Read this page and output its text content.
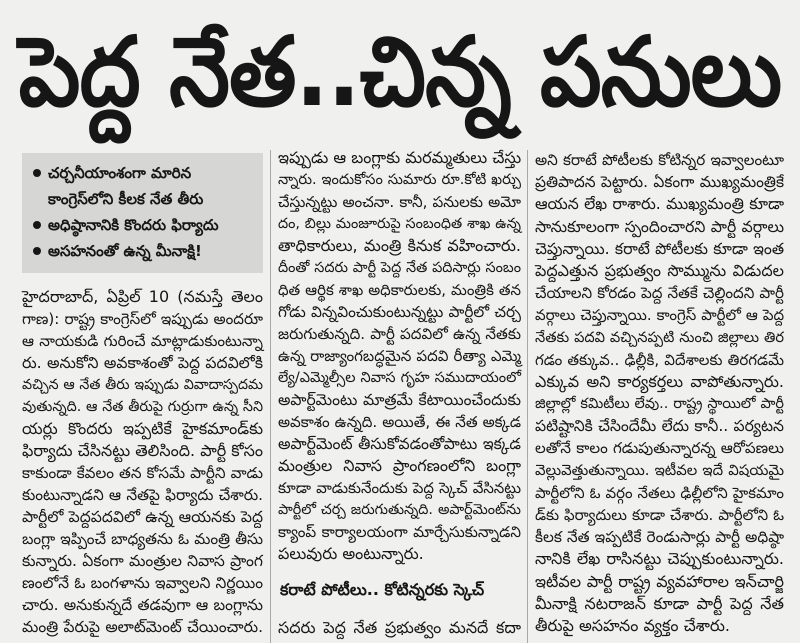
పెద్ద నేత..చిన్న పనులు
చర్చనీయాంశంగా మారిన
కాంగ్రెస్‌లోని కీలక నేత తీరు
అధిష్ఠానానికి కొందరు ఫిర్యాదు
అసహనంతో ఉన్న మీనాక్షి!
హైదరాబాద్, ఏప్రిల్ 10 (నమస్తే తెలం
గాణ): రాష్ట్ర కాంగ్రెస్‌లో ఇప్పుడు అందరూ
ఆ నాయకుడి గురించే మాట్లాడుకుంటున్నా
రు. అనుకోని అవకాశంతో పెద్ద పదవిలోకి
వచ్చిన ఆ నేత తీరు ఇప్పుడు వివాదాస్పదమ
వుతున్నది. ఆ నేత తీరుపై గుర్రుగా ఉన్న సీని
యర్లు కొందరు ఇప్పటికే హైకమాండ్‌కు
ఫిర్యాదు చేసినట్టు తెలిసింది. పార్టీ కోసం
కాకుండా కేవలం తన కోసమే పార్టీని వాడు
కుంటున్నాడని ఆ నేతపై ఫిర్యాదు చేశారు.
పార్టీలో పెద్దపదవిలో ఉన్న ఆయనకు పెద్ద
బంగ్లా ఇప్పించే బాధ్యతను ఓ మంత్రి తీసు
కున్నారు. ఏకంగా మంత్రుల నివాస ప్రాంగ
ణంలోనే ఓ బంగళాను ఇవ్వాలని నిర్ణయిం
చారు. అనుకున్నదే తడవుగా ఆ బంగ్లాను
మంత్రి పేరుపై అలాట్‌మెంట్ చేయించారు.
ఇప్పుడు ఆ బంగ్లాకు మరమ్మతులు చేస్తు
న్నారు. ఇందుకోసం సుమారు రూ.కోటి ఖర్చు
చేస్తున్నట్టు అంచనా. కానీ, పనులకు అమో
దం, బిల్లు మంజూరుపై సంబంధిత శాఖ ఉన్న
తాధికారులు, మంత్రి కినుక వహించారు.
దీంతో సదరు పార్టీ పెద్ద నేత పదిసార్లు సంబం
ధిత ఆర్థిక శాఖ అధికారులకు, మంత్రికి తన
గోడు విన్నవించుకుంటున్నట్టు పార్టీలో చర్చ
జరుగుతున్నది. పార్టీ పదవిలో ఉన్న నేతకు
ఉన్న రాజ్యాంగబద్ధమైన పదవి రీత్యా ఎమ్మె
ల్యే/ఎమ్మెల్సీల నివాస గృహ సముదాయంలో
అపార్ట్‌మెంటు మాత్రమే కేటాయించేందుకు
అవకాశం ఉన్నది. అయితే, ఈ నేత అక్కడ
అపార్ట్‌మెంట్ తీసుకోవడంతోపాటు ఇక్కడ
మంత్రుల నివాస ప్రాంగణంలోని బంగ్లా
కూడా వాడుకునేందుకు పెద్ద స్కెచ్ వేసినట్టు
పార్టీలో చర్చ జరుగుతున్నది. అపార్ట్‌మెంట్‌ను
క్యాంప్ కార్యాలయంగా మార్చేసుకున్నాడని
పలువురు అంటున్నారు.
కరాటే పోటీలు.. కోటిన్నరకు స్కెచ్
సదరు పెద్ద నేత ప్రభుత్వం మనదే కదా
అని కరాటే పోటీలకు కోటిన్నర ఇవ్వాలంటూ
ప్రతిపాదన పెట్టారు. ఏకంగా ముఖ్యమంత్రికే
ఆయన లేఖ రాశారు. ముఖ్యమంత్రి కూడా
సానుకూలంగా స్పందించారని పార్టీ వర్గాలు
చెప్తున్నాయి. కరాటే పోటీలకు కూడా ఇంత
పెద్దఎత్తున ప్రభుత్వం సొమ్మును విడుదల
చేయాలని కోరడం పెద్ద నేతకే చెల్లిందని పార్టీ
వర్గాలు చెప్తున్నాయి. కాంగ్రెస్ పార్టీలో ఆ పెద్ద
నేతకు పదవి వచ్చినప్పటి నుంచి జిల్లాలు తిర
గడం తక్కువ.. ఢిల్లీకి, విదేశాలకు తిరగడమే
ఎక్కువ అని కార్యకర్తలు వాపోతున్నారు.
జిల్లాల్లో కమిటీలు లేవు.. రాష్ట్ర స్థాయిలో పార్టీ
పటిష్టానికి చేసిందేమీ లేదు కానీ.. పర్యటన
లతోనే కాలం గడుపుతున్నారన్న ఆరోపణలు
వెల్లువెత్తుతున్నాయి. ఇటీవల ఇదే విషయమై
పార్టీలోని ఓ వర్గం నేతలు ఢిల్లీలోని హైకమాం
డ్‌కు ఫిర్యాదులు కూడా చేశారు. పార్టీలోని ఓ
కీలక నేత ఇప్పటికే రెండుసార్లు పార్టీ అధిష్ఠా
నానికి లేఖ రాసినట్టు చెప్పుకుంటున్నారు.
ఇటీవల పార్టీ రాష్ట్ర వ్యవహారాల ఇన్‌చార్జి
మీనాక్షి నటరాజన్ కూడా పార్టీ పెద్ద నేత
తీరుపై అసహనం వ్యక్తం చేశారు.
